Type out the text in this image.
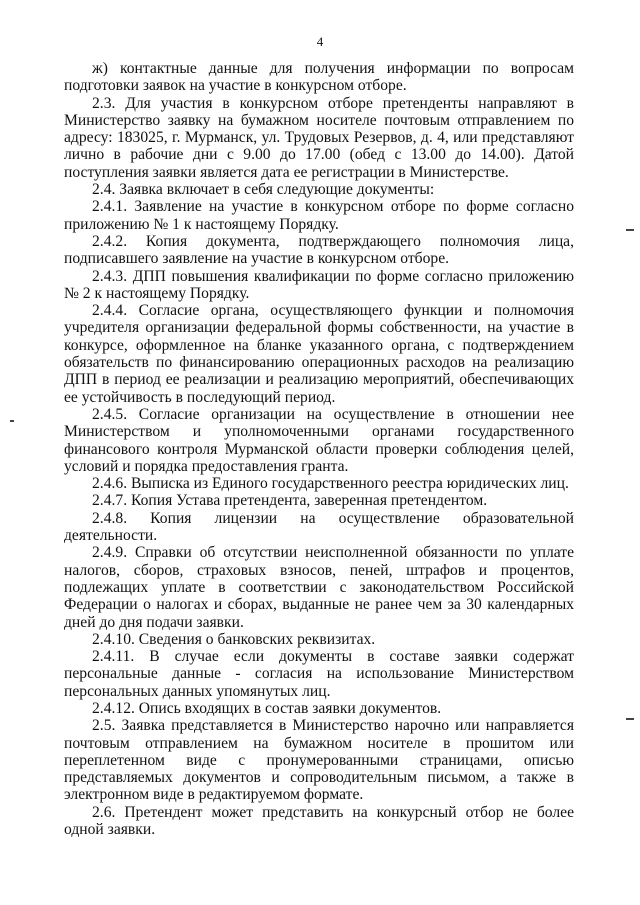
4

ж) контактные данные для получения информации по вопросам подготовки заявок на участие в конкурсном отборе.

2.3. Для участия в конкурсном отборе претенденты направляют в Министерство заявку на бумажном носителе почтовым отправлением по адресу: 183025, г. Мурманск, ул. Трудовых Резервов, д. 4, или представляют лично в рабочие дни с 9.00 до 17.00 (обед с 13.00 до 14.00). Датой поступления заявки является дата ее регистрации в Министерстве.

2.4. Заявка включает в себя следующие документы:

2.4.1. Заявление на участие в конкурсном отборе по форме согласно приложению № 1 к настоящему Порядку.

2.4.2. Копия документа, подтверждающего полномочия лица, подписавшего заявление на участие в конкурсном отборе.

2.4.3. ДПП повышения квалификации по форме согласно приложению № 2 к настоящему Порядку.

2.4.4. Согласие органа, осуществляющего функции и полномочия учредителя организации федеральной формы собственности, на участие в конкурсе, оформленное на бланке указанного органа, с подтверждением обязательств по финансированию операционных расходов на реализацию ДПП в период ее реализации и реализацию мероприятий, обеспечивающих ее устойчивость в последующий период.

2.4.5. Согласие организации на осуществление в отношении нее Министерством и уполномоченными органами государственного финансового контроля Мурманской области проверки соблюдения целей, условий и порядка предоставления гранта.

2.4.6. Выписка из Единого государственного реестра юридических лиц.

2.4.7. Копия Устава претендента, заверенная претендентом.

2.4.8. Копия лицензии на осуществление образовательной деятельности.

2.4.9. Справки об отсутствии неисполненной обязанности по уплате налогов, сборов, страховых взносов, пеней, штрафов и процентов, подлежащих уплате в соответствии с законодательством Российской Федерации о налогах и сборах, выданные не ранее чем за 30 календарных дней до дня подачи заявки.

2.4.10. Сведения о банковских реквизитах.

2.4.11. В случае если документы в составе заявки содержат персональные данные - согласия на использование Министерством персональных данных упомянутых лиц.

2.4.12. Опись входящих в состав заявки документов.

2.5. Заявка представляется в Министерство нарочно или направляется почтовым отправлением на бумажном носителе в прошитом или переплетенном виде с пронумерованными страницами, описью представляемых документов и сопроводительным письмом, а также в электронном виде в редактируемом формате.

2.6. Претендент может представить на конкурсный отбор не более одной заявки.
